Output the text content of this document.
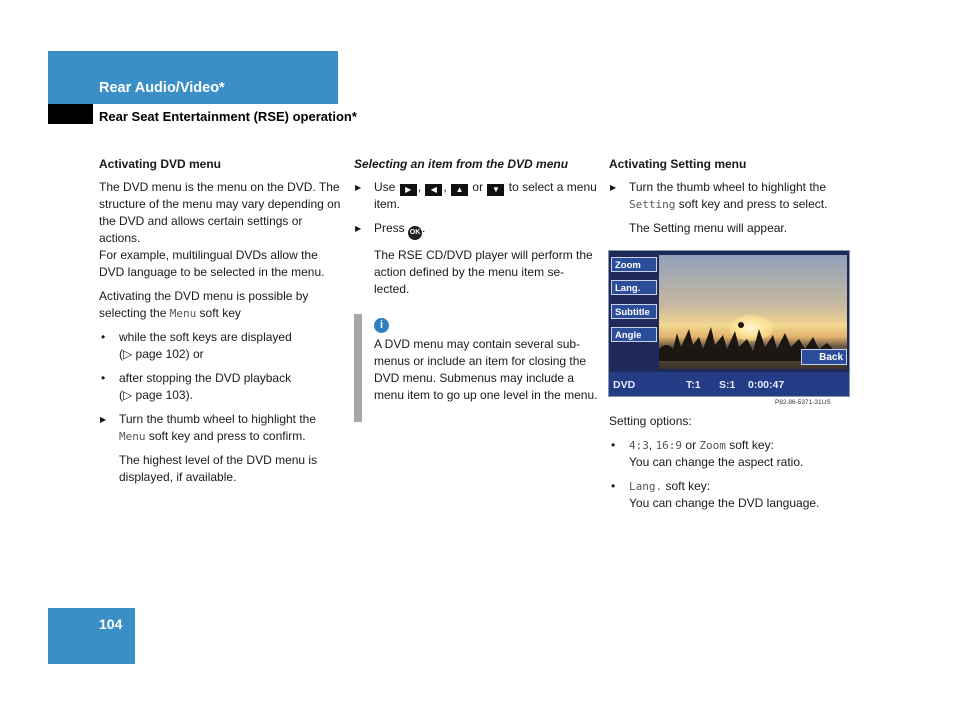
Rear Audio/Video*
Rear Seat Entertainment (RSE) operation*
Activating DVD menu

The DVD menu is the menu on the DVD. The structure of the menu may vary depending on the DVD and allows certain settings or actions.
For example, multilingual DVDs allow the DVD language to be selected in the menu.

Activating the DVD menu is possible by selecting the Menu soft key

• while the soft keys are displayed
(▷ page 102) or
• after stopping the DVD playback
(▷ page 103).
▶ Turn the thumb wheel to highlight the Menu soft key and press to confirm.
The highest level of the DVD menu is displayed, if available.
Selecting an item from the DVD menu
▶ Use ▶ , ◀ , ▲ or ▼ to select a menu item.
▶ Press OK .
The RSE CD/DVD player will perform the action defined by the menu item se-lected.
i
A DVD menu may contain several sub-menus or include an item for closing the DVD menu. Submenus may include a menu item to go up one level in the menu.
Activating Setting menu
▶ Turn the thumb wheel to highlight the Setting soft key and press to select.
The Setting menu will appear.
Zoom
Lang.
Subtitle
Angle
Back
DVD	T:1 S:1 0:00:47
P82.86-5371-31US

Setting options:

• 4:3, 16:9 or Zoom soft key:
You can change the aspect ratio.
• Lang. soft key:
You can change the DVD language.
104
